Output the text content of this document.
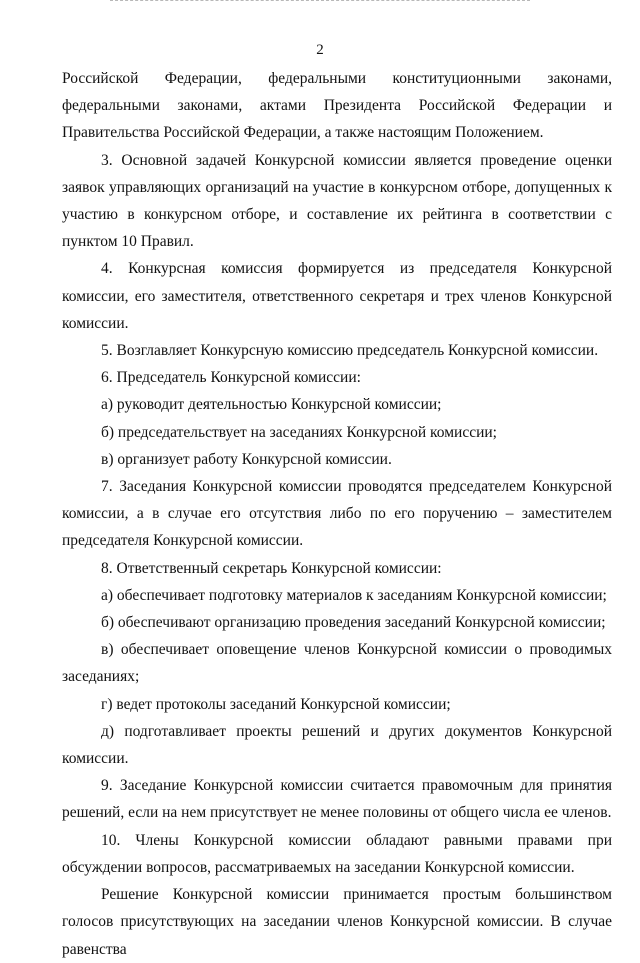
2

Российской Федерации, федеральными конституционными законами, федеральными законами, актами Президента Российской Федерации и Правительства Российской Федерации, а также настоящим Положением.

3. Основной задачей Конкурсной комиссии является проведение оценки заявок управляющих организаций на участие в конкурсном отборе, допущенных к участию в конкурсном отборе, и составление их рейтинга в соответствии с пунктом 10 Правил.

4. Конкурсная комиссия формируется из председателя Конкурсной комиссии, его заместителя, ответственного секретаря и трех членов Конкурсной комиссии.

5. Возглавляет Конкурсную комиссию председатель Конкурсной комиссии.

6. Председатель Конкурсной комиссии:

а) руководит деятельностью Конкурсной комиссии;

б) председательствует на заседаниях Конкурсной комиссии;

в) организует работу Конкурсной комиссии.

7. Заседания Конкурсной комиссии проводятся председателем Конкурсной комиссии, а в случае его отсутствия либо по его поручению – заместителем председателя Конкурсной комиссии.

8. Ответственный секретарь Конкурсной комиссии:

а) обеспечивает подготовку материалов к заседаниям Конкурсной комиссии;

б) обеспечивают организацию проведения заседаний Конкурсной комиссии;

в) обеспечивает оповещение членов Конкурсной комиссии о проводимых заседаниях;

г) ведет протоколы заседаний Конкурсной комиссии;

д) подготавливает проекты решений и других документов Конкурсной комиссии.

9. Заседание Конкурсной комиссии считается правомочным для принятия решений, если на нем присутствует не менее половины от общего числа ее членов.

10. Члены Конкурсной комиссии обладают равными правами при обсуждении вопросов, рассматриваемых на заседании Конкурсной комиссии.

Решение Конкурсной комиссии принимается простым большинством голосов присутствующих на заседании членов Конкурсной комиссии. В случае равенства
